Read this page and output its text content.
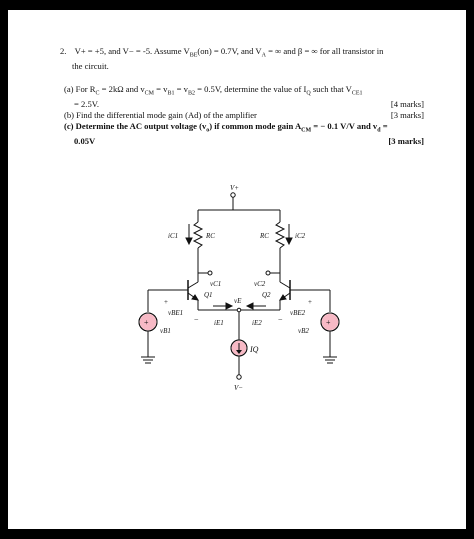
2. V+ = +5, and V− = -5. Assume $V_{BE}(on) = 0.7V$, and $V_A$ = ∞ and β = ∞ for all transistor in
the circuit.
(a) For $R_C = 2k\Omega$ and $v_{CM} = v_{B1} = v_{B2} = 0.5V$, determine the value of $I_Q$ such that $V_{CE1}$
= 2.5V.	[4 marks]
(b) Find the differential mode gain (Ad) of the amplifier	[3 marks]
(c) Determine the AC output voltage $(v_o)$ if common mode gain $A_{CM}$ = − 0.1 V/V and $v_d$ =
0.05V	[3 marks]
+	+
V+
V−
iC1	RC	RC	iC2
vC1	vC2
Q1	Q2
vE
+
−
+
−
vBE1	vBE2
iE1	iE2
vB1	vB2
IQ
